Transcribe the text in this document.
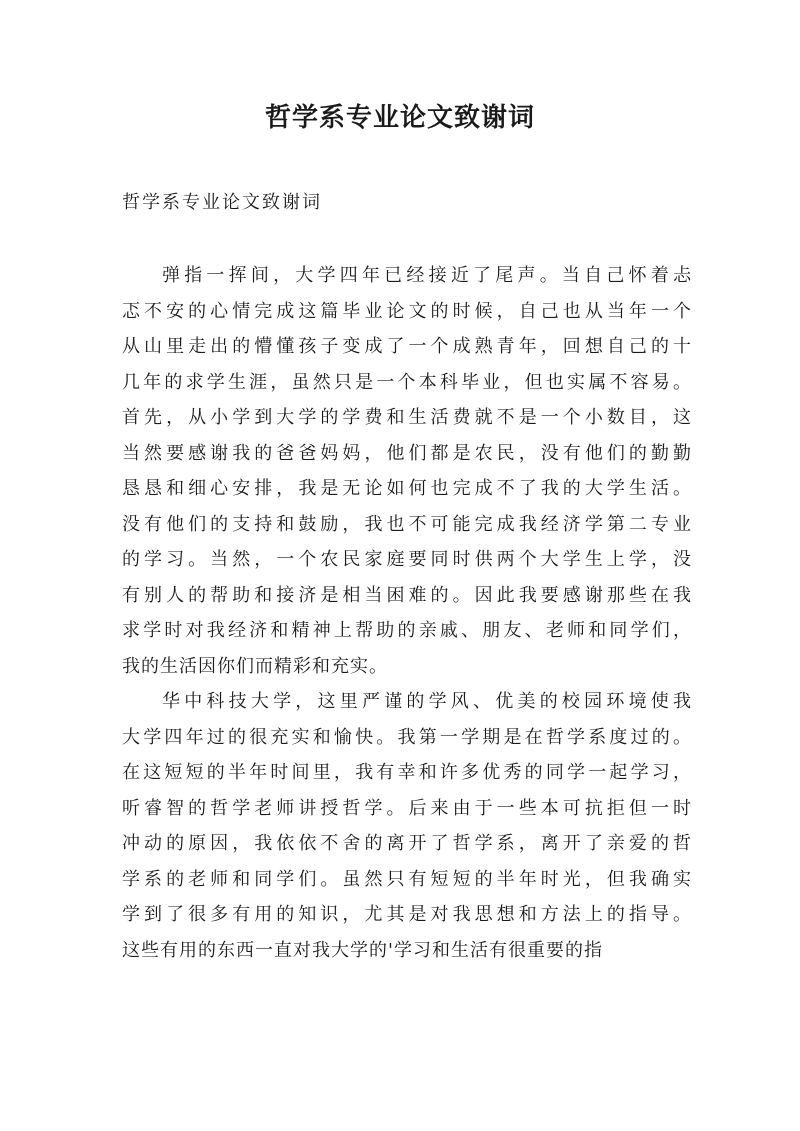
哲学系专业论文致谢词
哲学系专业论文致谢词
弹指一挥间，大学四年已经接近了尾声。当自己怀着忐
忑不安的心情完成这篇毕业论文的时候，自己也从当年一个
从山里走出的懵懂孩子变成了一个成熟青年，回想自己的十
几年的求学生涯，虽然只是一个本科毕业，但也实属不容易。
首先，从小学到大学的学费和生活费就不是一个小数目，这
当然要感谢我的爸爸妈妈，他们都是农民，没有他们的勤勤
恳恳和细心安排，我是无论如何也完成不了我的大学生活。
没有他们的支持和鼓励，我也不可能完成我经济学第二专业
的学习。当然，一个农民家庭要同时供两个大学生上学，没
有别人的帮助和接济是相当困难的。因此我要感谢那些在我
求学时对我经济和精神上帮助的亲戚、朋友、老师和同学们，
我的生活因你们而精彩和充实。
华中科技大学，这里严谨的学风、优美的校园环境使我
大学四年过的很充实和愉快。我第一学期是在哲学系度过的。
在这短短的半年时间里，我有幸和许多优秀的同学一起学习，
听睿智的哲学老师讲授哲学。后来由于一些本可抗拒但一时
冲动的原因，我依依不舍的离开了哲学系，离开了亲爱的哲
学系的老师和同学们。虽然只有短短的半年时光，但我确实
学到了很多有用的知识，尤其是对我思想和方法上的指导。
这些有用的东西一直对我大学的'学习和生活有很重要的指
